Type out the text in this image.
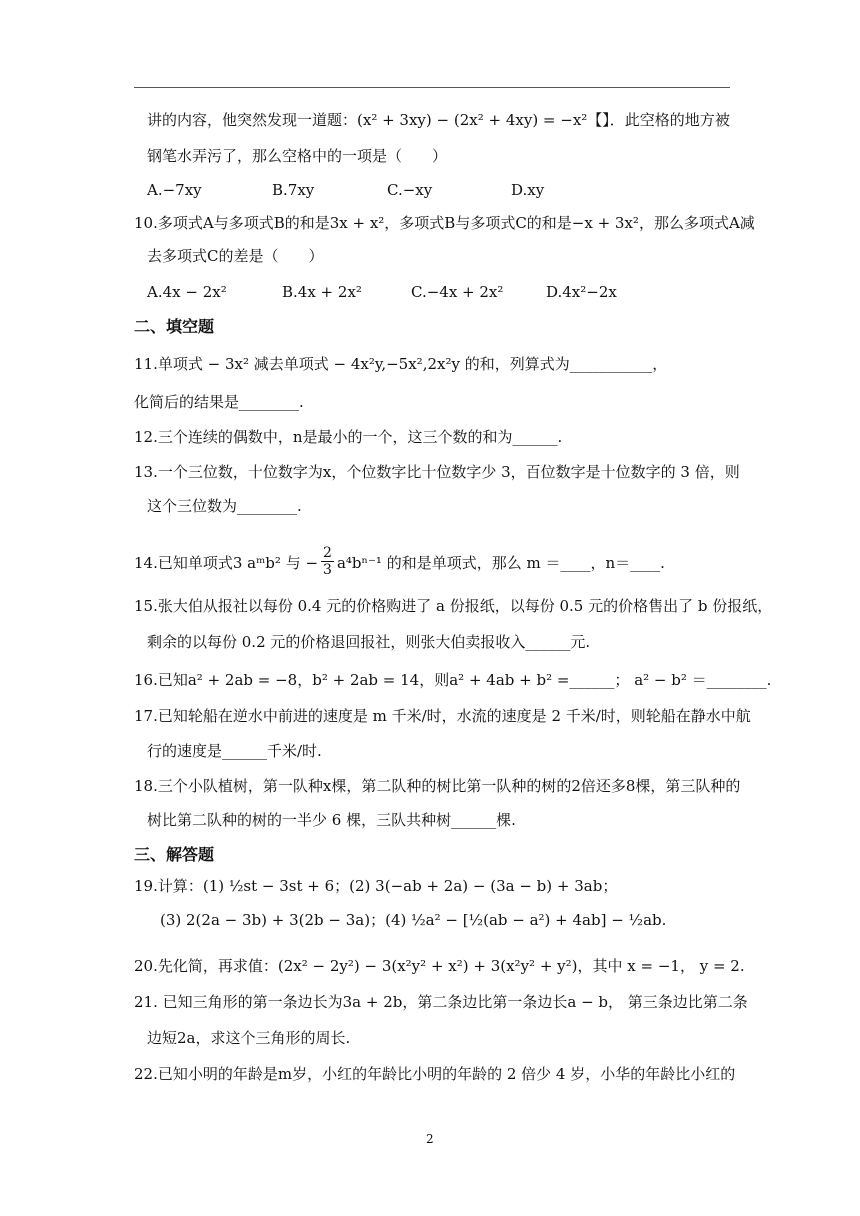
讲的内容，他突然发现一道题：(x² + 3xy) − (2x² + 4xy) = −x²【】．此空格的地方被
钢笔水弄污了，那么空格中的一项是（　　）
A.−7xy	B.7xy	C.−xy	D.xy
10.多项式A与多项式B的和是3x + x²，多项式B与多项式C的和是−x + 3x²，那么多项式A减
去多项式C的差是（　　）
A.4x − 2x²	B.4x + 2x²	C.−4x + 2x²	D.4x²−2x
二、填空题
11.单项式 − 3x² 减去单项式 − 4x²y,−5x²,2x²y 的和，列算式为___________，
化简后的结果是________.
12.三个连续的偶数中，n是最小的一个，这三个数的和为______.
13.一个三位数，十位数字为x，个位数字比十位数字少 3，百位数字是十位数字的 3 倍，则
这个三位数为________.
14.已知单项式3 aᵐb² 与 − $\frac{2}{3} a^4b^{n-1}$ 的和是单项式，那么 m ＝____，n＝____.
15.张大伯从报社以每份 0.4 元的价格购进了 a 份报纸，以每份 0.5 元的价格售出了 b 份报纸，
剩余的以每份 0.2 元的价格退回报社，则张大伯卖报收入______元.
16.已知a² + 2ab = −8，b² + 2ab = 14，则a² + 4ab + b² =______； a² − b² ＝________.
17.已知轮船在逆水中前进的速度是 m 千米/时，水流的速度是 2 千米/时，则轮船在静水中航
行的速度是______千米/时.
18.三个小队植树，第一队种x棵，第二队种的树比第一队种的树的2倍还多8棵，第三队种的
树比第二队种的树的一半少 6 棵，三队共种树______棵.
三、解答题
19.计算：(1) ½st − 3st + 6；(2) 3(−ab + 2a) − (3a − b) + 3ab；
(3) 2(2a − 3b) + 3(2b − 3a)；(4) ½a² − [½(ab − a²) + 4ab] − ½ab.
20.先化简，再求值：(2x² − 2y²) − 3(x²y² + x²) + 3(x²y² + y²)，其中 x = −1， y = 2.
21. 已知三角形的第一条边长为3a + 2b，第二条边比第一条边长a − b， 第三条边比第二条
边短2a，求这个三角形的周长.
22.已知小明的年龄是m岁，小红的年龄比小明的年龄的 2 倍少 4 岁，小华的年龄比小红的
2
